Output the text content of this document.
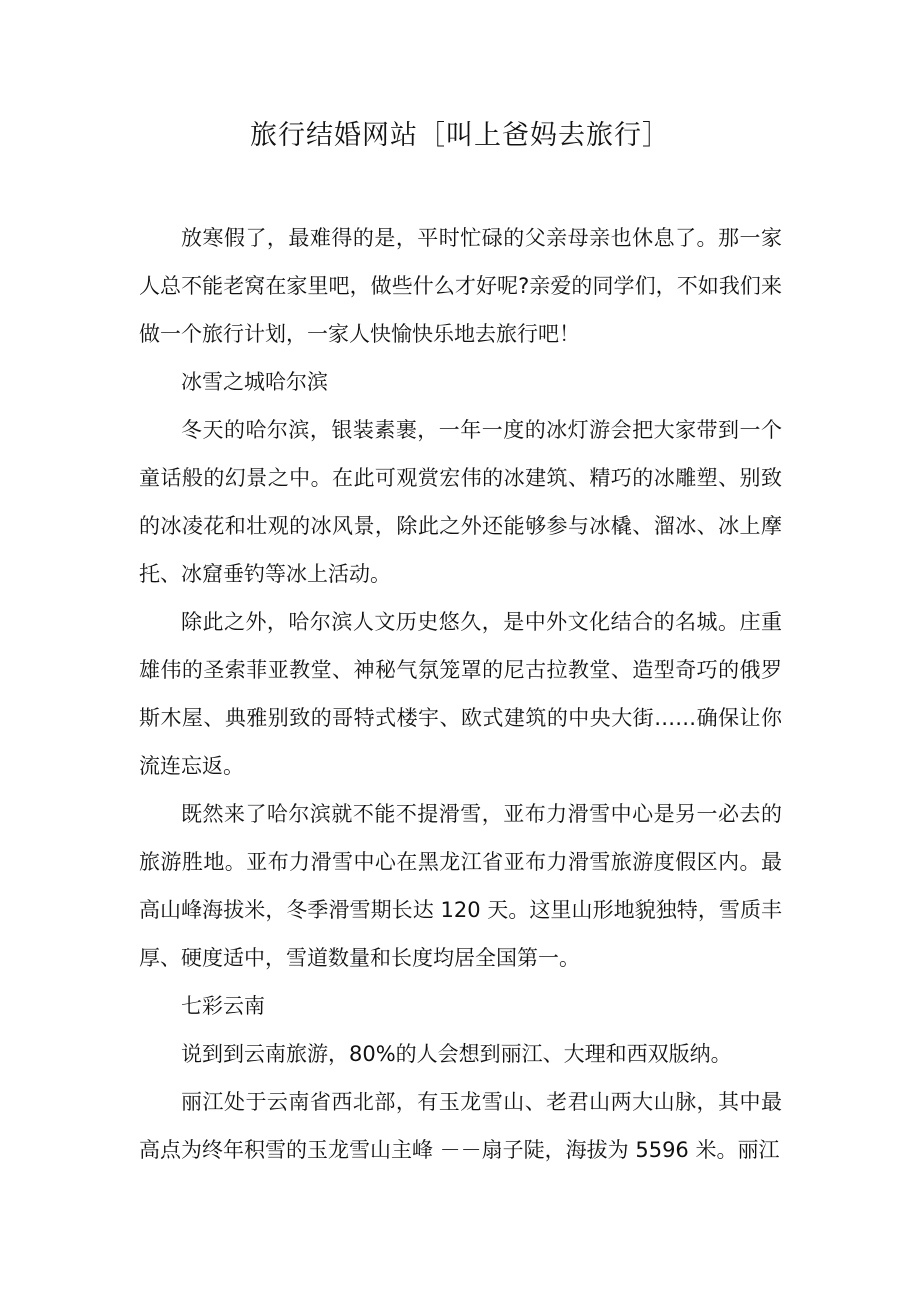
旅行结婚网站［叫上爸妈去旅行］

放寒假了，最难得的是，平时忙碌的父亲母亲也休息了。那一家人总不能老窝在家里吧，做些什么才好呢?亲爱的同学们，不如我们来做一个旅行计划，一家人快愉快乐地去旅行吧！

冰雪之城哈尔滨

冬天的哈尔滨，银装素裹，一年一度的冰灯游会把大家带到一个童话般的幻景之中。在此可观赏宏伟的冰建筑、精巧的冰雕塑、别致的冰凌花和壮观的冰风景，除此之外还能够参与冰橇、溜冰、冰上摩托、冰窟垂钓等冰上活动。

除此之外，哈尔滨人文历史悠久，是中外文化结合的名城。庄重雄伟的圣索菲亚教堂、神秘气氛笼罩的尼古拉教堂、造型奇巧的俄罗斯木屋、典雅别致的哥特式楼宇、欧式建筑的中央大街……确保让你流连忘返。

既然来了哈尔滨就不能不提滑雪，亚布力滑雪中心是另一必去的旅游胜地。亚布力滑雪中心在黑龙江省亚布力滑雪旅游度假区内。最高山峰海拔米，冬季滑雪期长达 120 天。这里山形地貌独特，雪质丰厚、硬度适中，雪道数量和长度均居全国第一。

七彩云南

说到到云南旅游，80%的人会想到丽江、大理和西双版纳。

丽江处于云南省西北部，有玉龙雪山、老君山两大山脉，其中最高点为终年积雪的玉龙雪山主峰 －－扇子陡，海拔为 5596 米。丽江
